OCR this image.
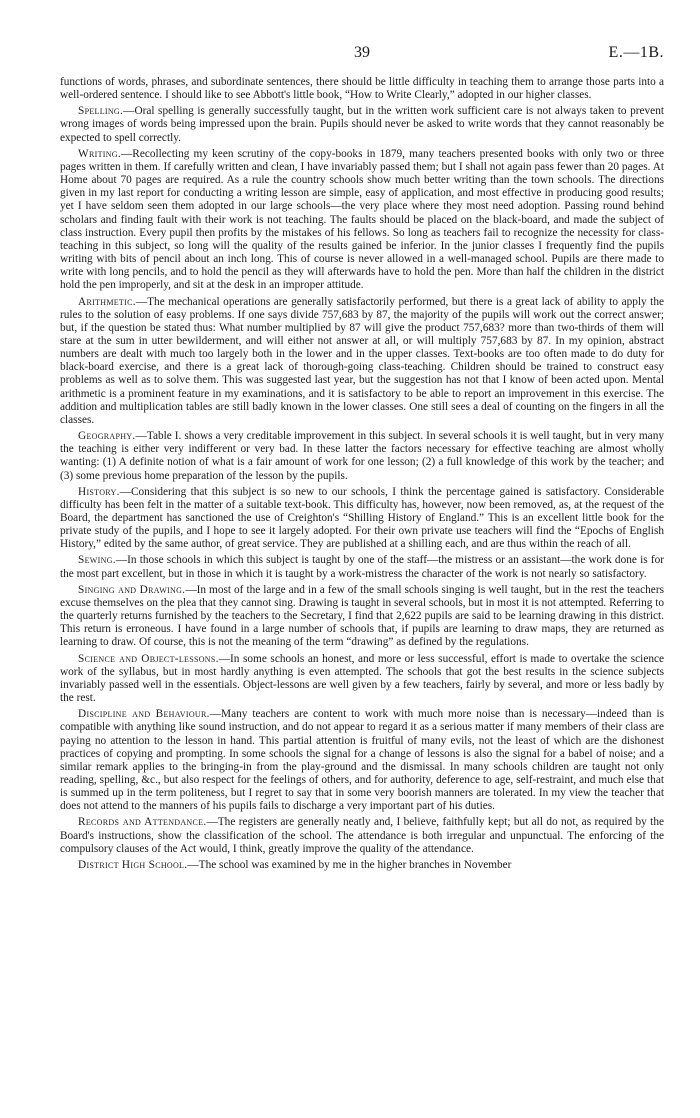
39	E.—1B.

functions of words, phrases, and subordinate sentences, there should be little difficulty in teaching them to arrange those parts into a well-ordered sentence. I should like to see Abbott's little book, “How to Write Clearly,” adopted in our higher classes.

Spelling.—Oral spelling is generally successfully taught, but in the written work sufficient care is not always taken to prevent wrong images of words being impressed upon the brain. Pupils should never be asked to write words that they cannot reasonably be expected to spell correctly.

Writing.—Recollecting my keen scrutiny of the copy-books in 1879, many teachers presented books with only two or three pages written in them. If carefully written and clean, I have invariably passed them; but I shall not again pass fewer than 20 pages. At Home about 70 pages are required. As a rule the country schools show much better writing than the town schools. The directions given in my last report for conducting a writing lesson are simple, easy of application, and most effective in producing good results; yet I have seldom seen them adopted in our large schools—the very place where they most need adoption. Passing round behind scholars and finding fault with their work is not teaching. The faults should be placed on the black-board, and made the subject of class instruction. Every pupil then profits by the mistakes of his fellows. So long as teachers fail to recognize the necessity for class-teaching in this subject, so long will the quality of the results gained be inferior. In the junior classes I frequently find the pupils writing with bits of pencil about an inch long. This of course is never allowed in a well-managed school. Pupils are there made to write with long pencils, and to hold the pencil as they will afterwards have to hold the pen. More than half the children in the district hold the pen improperly, and sit at the desk in an improper attitude.

Arithmetic.—The mechanical operations are generally satisfactorily performed, but there is a great lack of ability to apply the rules to the solution of easy problems. If one says divide 757,683 by 87, the majority of the pupils will work out the correct answer; but, if the question be stated thus: What number multiplied by 87 will give the product 757,683? more than two-thirds of them will stare at the sum in utter bewilderment, and will either not answer at all, or will multiply 757,683 by 87. In my opinion, abstract numbers are dealt with much too largely both in the lower and in the upper classes. Text-books are too often made to do duty for black-board exercise, and there is a great lack of thorough-going class-teaching. Children should be trained to construct easy problems as well as to solve them. This was suggested last year, but the suggestion has not that I know of been acted upon. Mental arithmetic is a prominent feature in my examinations, and it is satisfactory to be able to report an improvement in this exercise. The addition and multiplication tables are still badly known in the lower classes. One still sees a deal of counting on the fingers in all the classes.

Geography.—Table I. shows a very creditable improvement in this subject. In several schools it is well taught, but in very many the teaching is either very indifferent or very bad. In these latter the factors necessary for effective teaching are almost wholly wanting: (1) A definite notion of what is a fair amount of work for one lesson; (2) a full knowledge of this work by the teacher; and (3) some previous home preparation of the lesson by the pupils.

History.—Considering that this subject is so new to our schools, I think the percentage gained is satisfactory. Considerable difficulty has been felt in the matter of a suitable text-book. This difficulty has, however, now been removed, as, at the request of the Board, the department has sanctioned the use of Creighton's “Shilling History of England.” This is an excellent little book for the private study of the pupils, and I hope to see it largely adopted. For their own private use teachers will find the “Epochs of English History,” edited by the same author, of great service. They are published at a shilling each, and are thus within the reach of all.

Sewing.—In those schools in which this subject is taught by one of the staff—the mistress or an assistant—the work done is for the most part excellent, but in those in which it is taught by a work-mistress the character of the work is not nearly so satisfactory.

Singing and Drawing.—In most of the large and in a few of the small schools singing is well taught, but in the rest the teachers excuse themselves on the plea that they cannot sing. Drawing is taught in several schools, but in most it is not attempted. Referring to the quarterly returns furnished by the teachers to the Secretary, I find that 2,622 pupils are said to be learning drawing in this district. This return is erroneous. I have found in a large number of schools that, if pupils are learning to draw maps, they are returned as learning to draw. Of course, this is not the meaning of the term “drawing” as defined by the regulations.

Science and Object-lessons.—In some schools an honest, and more or less successful, effort is made to overtake the science work of the syllabus, but in most hardly anything is even attempted. The schools that got the best results in the science subjects invariably passed well in the essentials. Object-lessons are well given by a few teachers, fairly by several, and more or less badly by the rest.

Discipline and Behaviour.—Many teachers are content to work with much more noise than is necessary—indeed than is compatible with anything like sound instruction, and do not appear to regard it as a serious matter if many members of their class are paying no attention to the lesson in hand. This partial attention is fruitful of many evils, not the least of which are the dishonest practices of copying and prompting. In some schools the signal for a change of lessons is also the signal for a babel of noise; and a similar remark applies to the bringing-in from the play-ground and the dismissal. In many schools children are taught not only reading, spelling, &c., but also respect for the feelings of others, and for authority, deference to age, self-restraint, and much else that is summed up in the term politeness, but I regret to say that in some very boorish manners are tolerated. In my view the teacher that does not attend to the manners of his pupils fails to discharge a very important part of his duties.

Records and Attendance.—The registers are generally neatly and, I believe, faithfully kept; but all do not, as required by the Board's instructions, show the classification of the school. The attendance is both irregular and unpunctual. The enforcing of the compulsory clauses of the Act would, I think, greatly improve the quality of the attendance.

District High School.—The school was examined by me in the higher branches in November
